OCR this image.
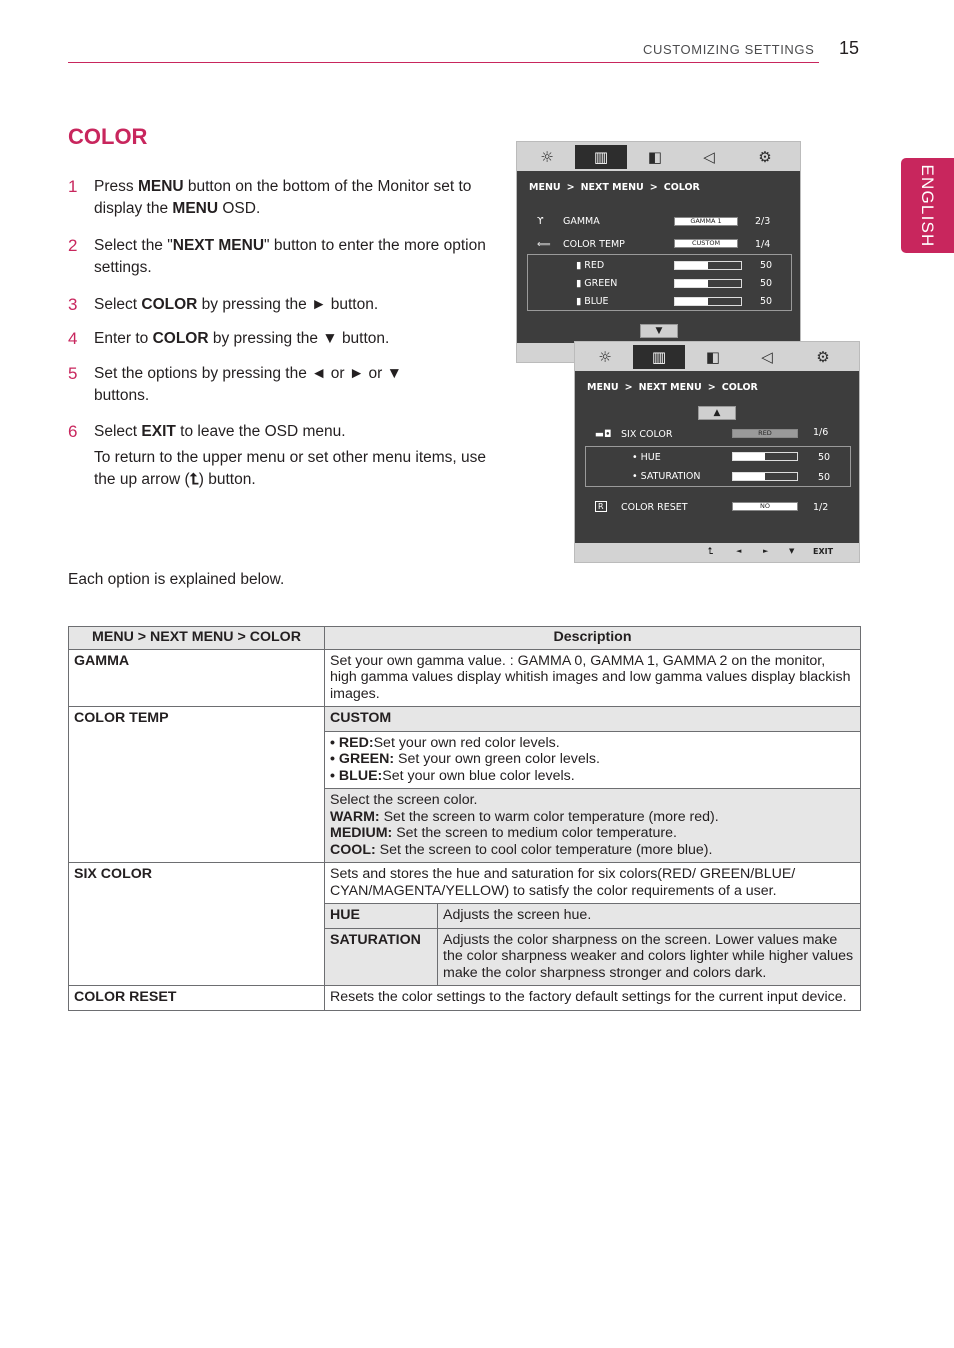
CUSTOMIZING SETTINGS 15
ENGLISH
COLOR
1 Press MENU button on the bottom of the Monitor set to display the MENU OSD.
2 Select the "NEXT MENU" button to enter the more option settings.
3 Select COLOR by pressing the ► button.
4 Enter to COLOR by pressing the ▼ button.
5 Set the options by pressing the ◄ or ► or ▼ buttons.
6 Select EXIT to leave the OSD menu.
To return to the upper menu or set other menu items, use the up arrow (⮤) button.
Each option is explained below.
☼	▥	◧	◁	⚙
MENU > NEXT MENU > COLOR
ϒ GAMMA	GAMMA 1	2/3
⟸ COLOR TEMP	CUSTOM	1/4
▮ RED	50
▮ GREEN	50
▮ BLUE	50
▼
☼	▥	◧	◁	⚙
MENU > NEXT MENU > COLOR
▲
▬◘ SIX COLOR	RED	1/6
• HUE	50
• SATURATION	50
R	COLOR RESET	NO	1/2
⮤	◄	►	▼ EXIT
MENU > NEXT MENU > COLOR	Description	
GAMMA	Set your own gamma value. : GAMMA 0, GAMMA 1, GAMMA 2 on the monitor, high gamma values display whitish images and low gamma values display blackish images.	
COLOR TEMP	CUSTOM	

	• RED:Set your own red color levels.
• GREEN: Set your own green color levels.
• BLUE:Set your own blue color levels.	

	Select the screen color.
WARM: Set the screen to warm color temperature (more red).
MEDIUM: Set the screen to medium color temperature.
COOL: Set the screen to cool color temperature (more blue).	

SIX COLOR	Sets and stores the hue and saturation for six colors(RED/ GREEN/BLUE/ CYAN/MAGENTA/YELLOW) to satisfy the color requirements of a user.	
	HUE	Adjusts the screen hue.
	SATURATION	Adjusts the color sharpness on the screen. Lower values make the color sharpness weaker and colors lighter while higher values make the color sharpness stronger and colors dark.
COLOR RESET	Resets the color settings to the factory default settings for the current input device.	
